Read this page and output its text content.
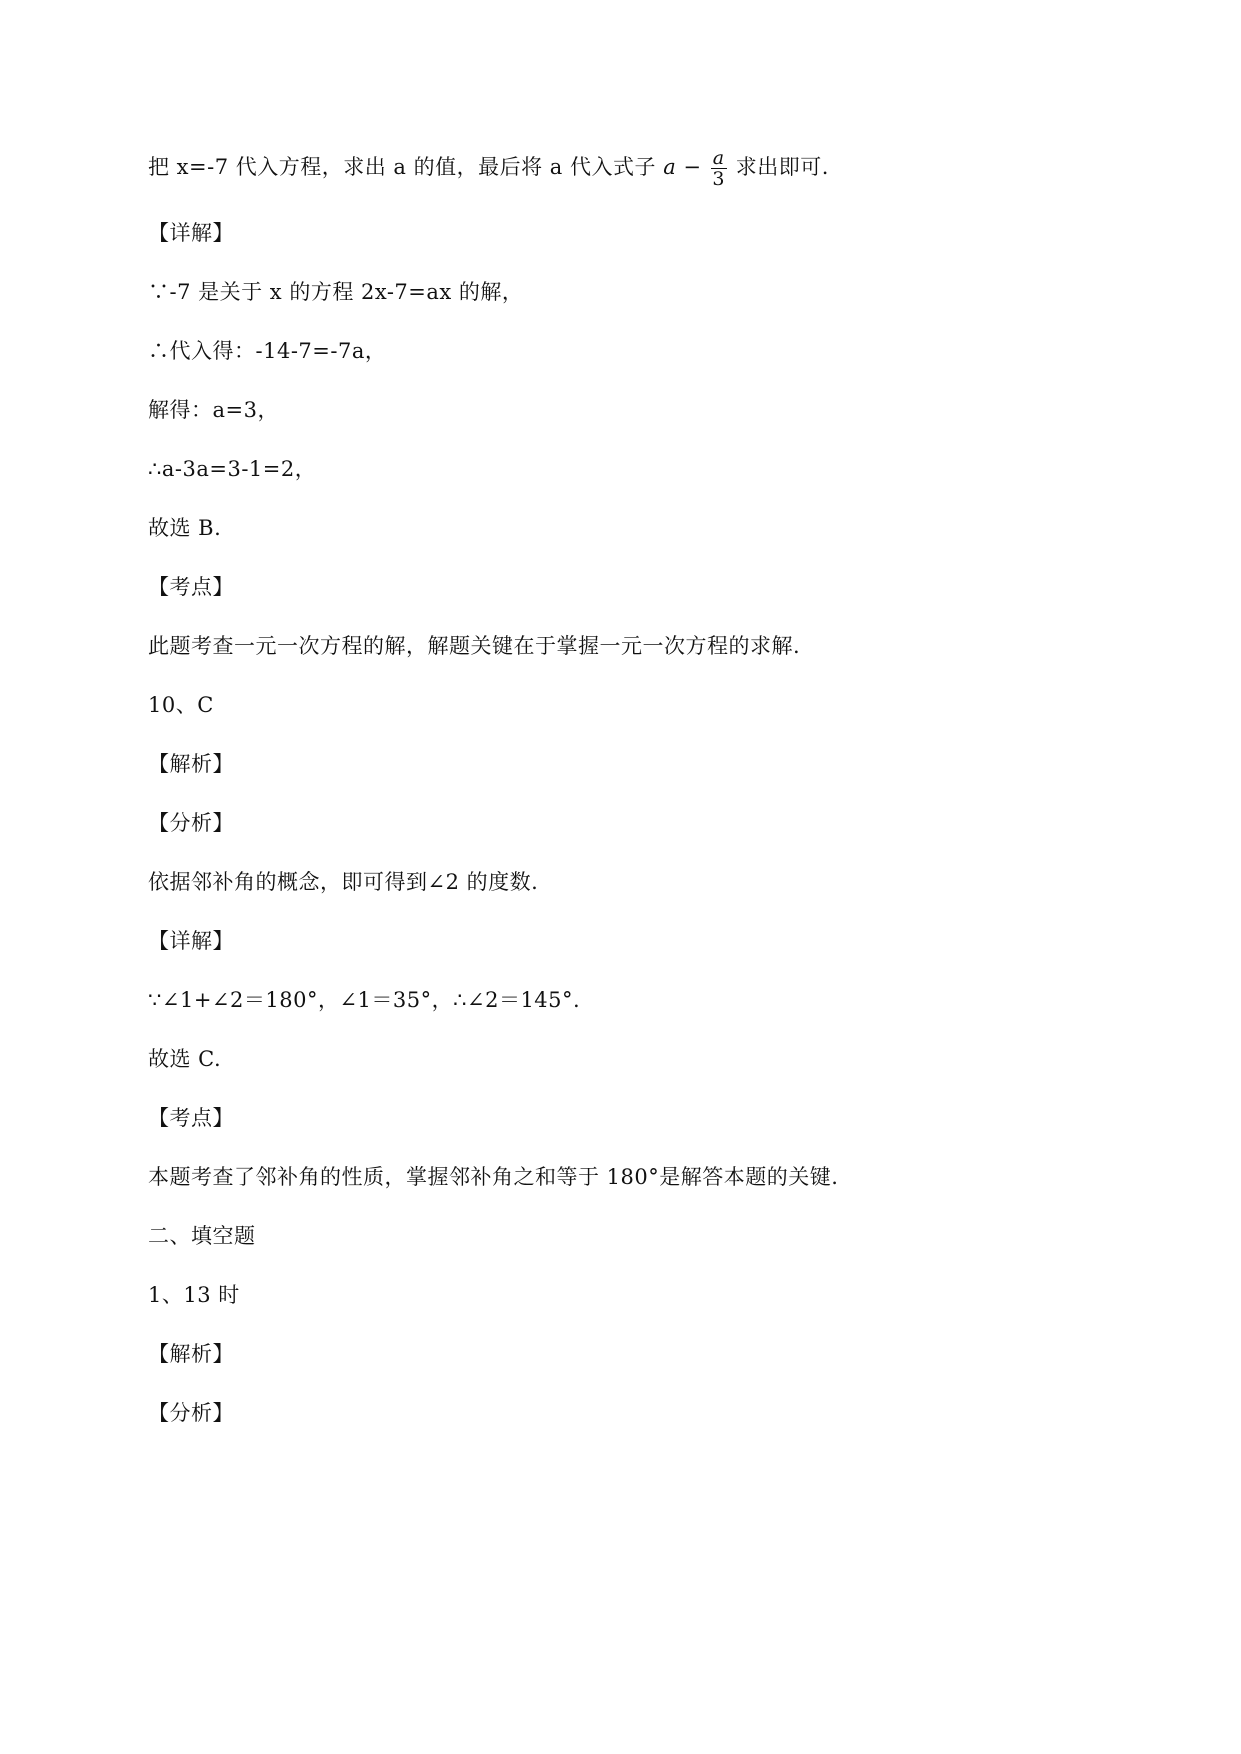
把 x=-7 代入方程，求出 a 的值，最后将 a 代入式子 $a - \frac{a}{3}$ 求出即可.
【详解】
∵-7 是关于 x 的方程 2x-7=ax 的解，
∴代入得：-14-7=-7a，
解得：a=3，
∴a-3a=3-1=2，
故选 B.
【考点】
此题考查一元一次方程的解，解题关键在于掌握一元一次方程的求解.
10、C
【解析】
【分析】
依据邻补角的概念，即可得到∠2 的度数.
【详解】
∵∠1+∠2＝180°，∠1＝35°，∴∠2＝145°.
故选 C.
【考点】
本题考查了邻补角的性质，掌握邻补角之和等于 180°是解答本题的关键.
二、填空题
1、13 时
【解析】
【分析】
